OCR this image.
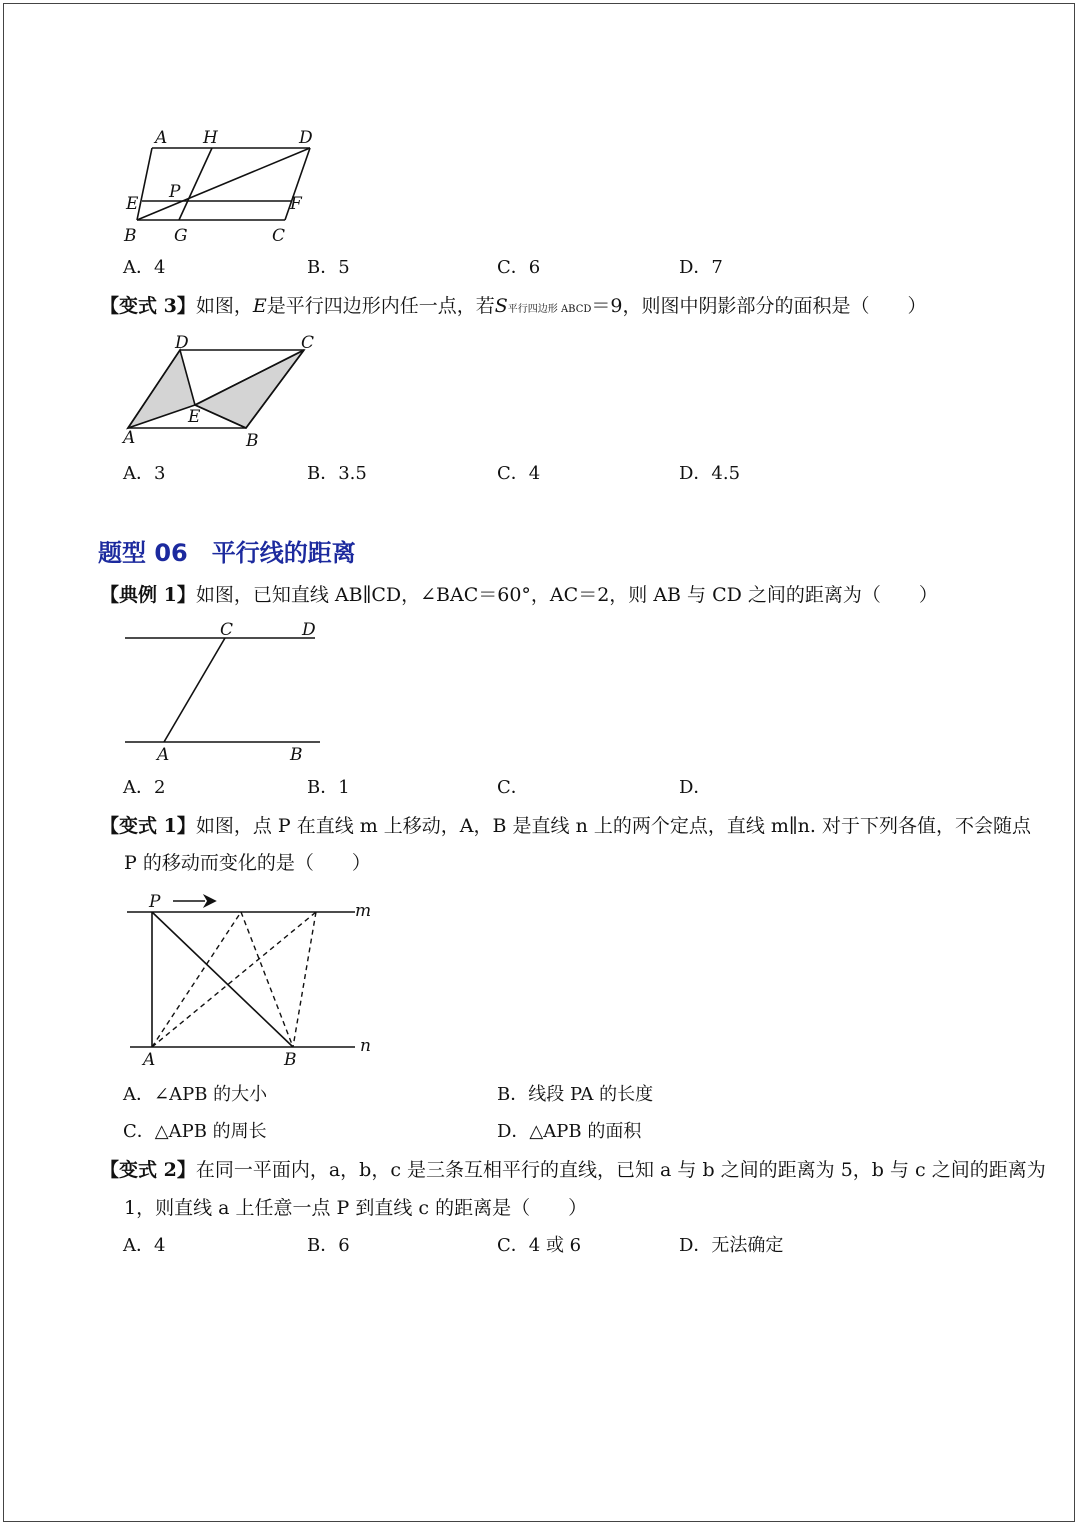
A H	D
E
P
F
B G	C
A．4	B．5	C．6	D．7
【变式 3】如图，E是平行四边形内任一点，若S平行四边形 ABCD＝9，则图中阴影部分的面积是（　　）
D	C
E
A	B
A．3	B．3.5	C．4	D．4.5
题型 06　平行线的距离
【典例 1】如图，已知直线 AB∥CD，∠BAC＝60°，AC＝2，则 AB 与 CD 之间的距离为（　　）
C	D
A	B
A．2	B．1	C．	D．
【变式 1】如图，点 P 在直线 m 上移动，A，B 是直线 n 上的两个定点，直线 m∥n. 对于下列各值，不会随点
P 的移动而变化的是（　　）
P	m
A	B
n
A．∠APB 的大小	B．线段 PA 的长度
C．△APB 的周长	D．△APB 的面积
【变式 2】在同一平面内，a，b，c 是三条互相平行的直线，已知 a 与 b 之间的距离为 5，b 与 c 之间的距离为
1，则直线 a 上任意一点 P 到直线 c 的距离是（　　）
A．4	B．6	C．4 或 6	D．无法确定
